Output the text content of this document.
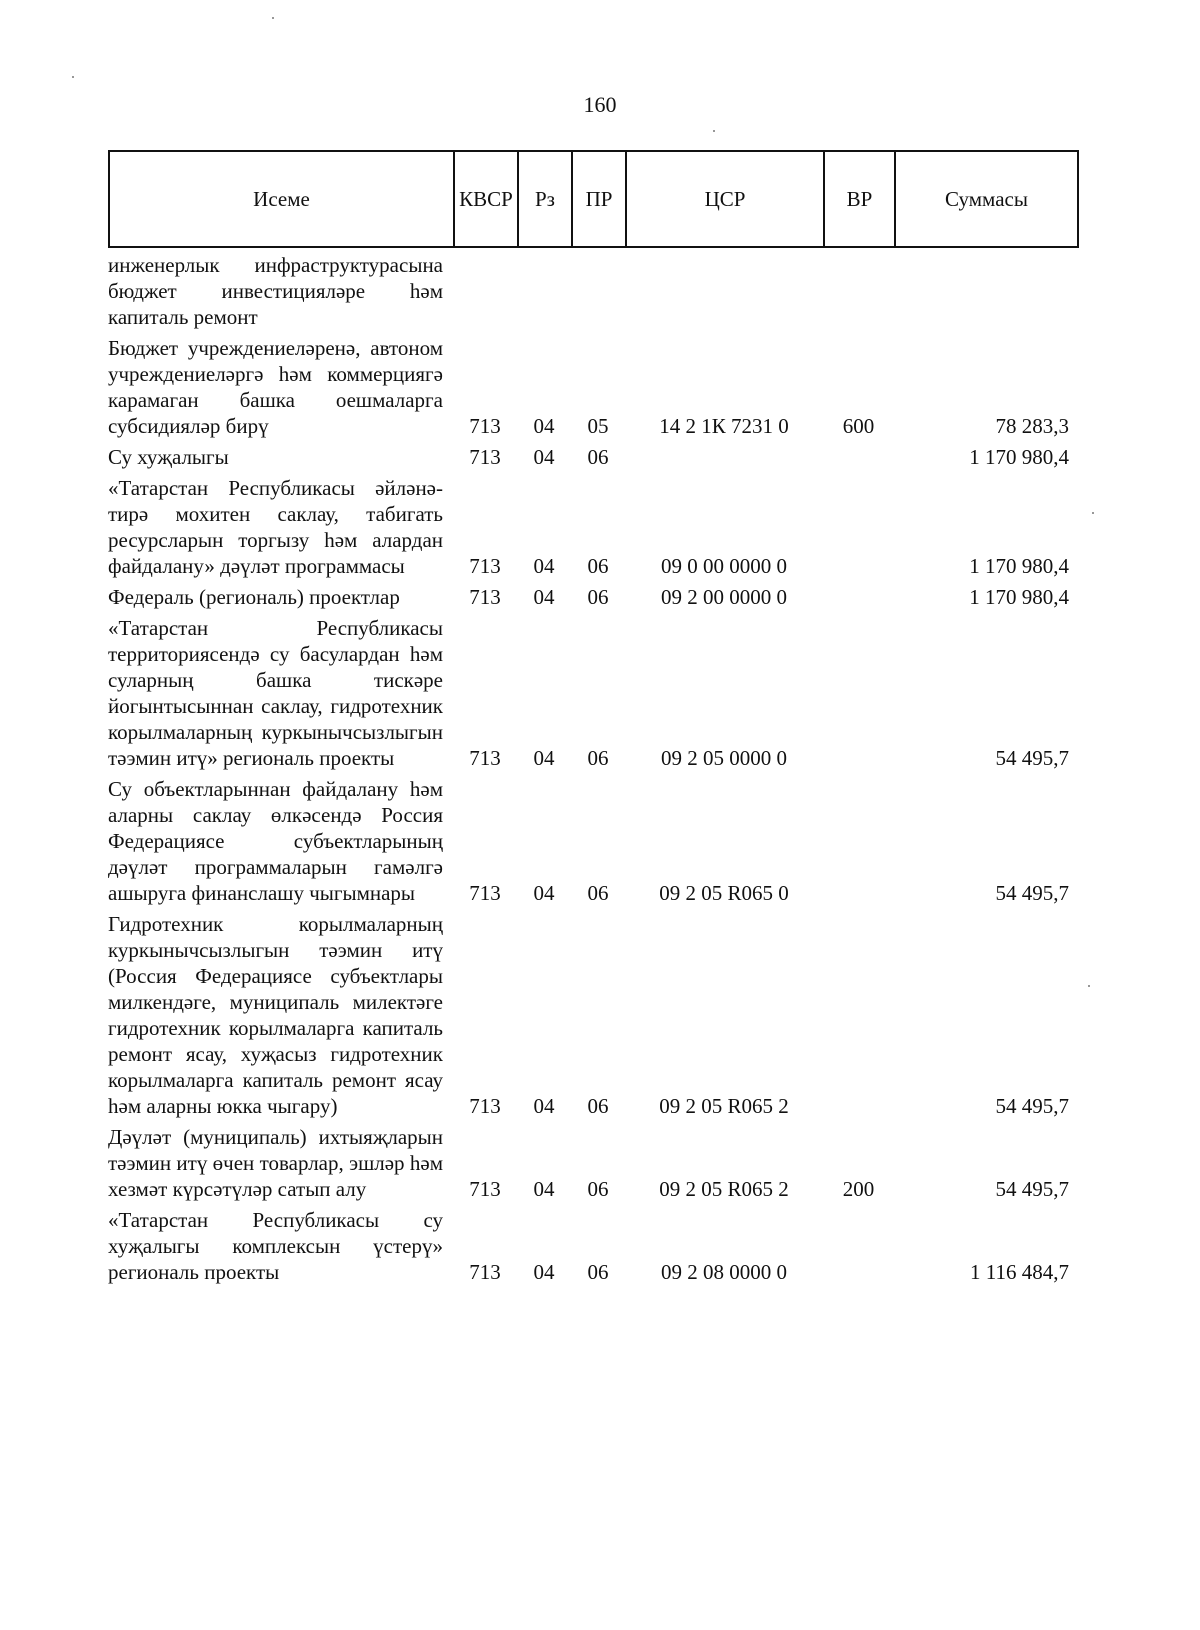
160
Исеме	КВСР	Рз	ПР	ЦСР	ВР	Суммасы
инженерлык инфраструктурасына бюджет инвестицияләре һәм капиталь ремонт						
Бюджет учреждениеләренә, автоном учреждениеләргә һәм коммерциягә карамаган башка оешмаларга субсидияләр бирү	713	04	05	14 2 1К 7231 0	600	78 283,3
Су хуҗалыгы	713	04	06			1 170 980,4
«Татарстан Республикасы әйләнә-тирә мохитен саклау, табигать ресурсларын торгызу һәм алардан файдалану» дәүләт программасы	713	04	06	09 0 00 0000 0		1 170 980,4
Федераль (региональ) проектлар	713	04	06	09 2 00 0000 0		1 170 980,4
«Татарстан Республикасы территориясендә су басулардан һәм суларның башка тискәре йогынтысыннан саклау, гидротехник корылмаларның куркынычсызлыгын тәэмин итү» региональ проекты	713	04	06	09 2 05 0000 0		54 495,7
Су объектларыннан файдалану һәм аларны саклау өлкәсендә Россия Федерациясе субъектларының дәүләт программаларын гамәлгә ашыруга финанслашу чыгымнары	713	04	06	09 2 05 R065 0		54 495,7
Гидротехник корылмаларның куркынычсызлыгын тәэмин итү (Россия Федерациясе субъектлары милкендәге, муниципаль милектәге гидротехник корылмаларга капиталь ремонт ясау, хуҗасыз гидротехник корылмаларга капиталь ремонт ясау һәм аларны юкка чыгару)	713	04	06	09 2 05 R065 2		54 495,7
Дәүләт (муниципаль) ихтыяҗларын тәэмин итү өчен товарлар, эшләр һәм хезмәт күрсәтүләр сатып алу	713	04	06	09 2 05 R065 2	200	54 495,7
«Татарстан Республикасы су хуҗалыгы комплексын үстерү» региональ проекты	713	04	06	09 2 08 0000 0		1 116 484,7
